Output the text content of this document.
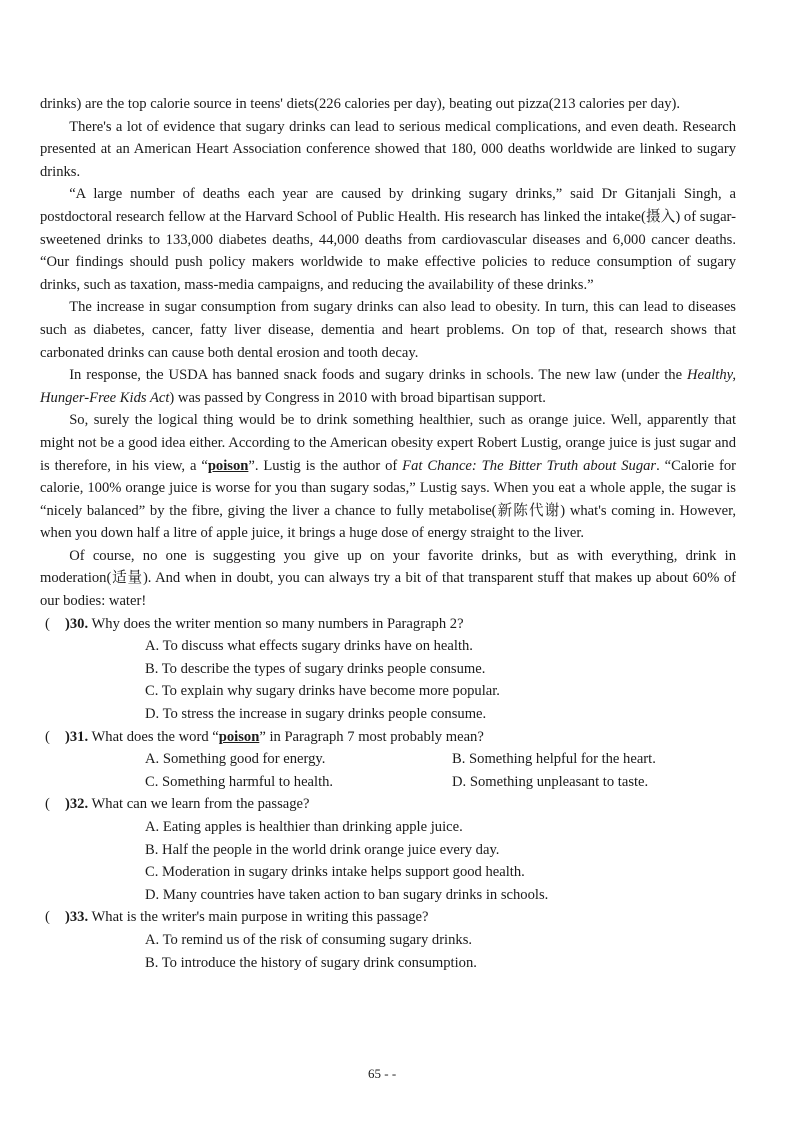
drinks) are the top calorie source in teens' diets(226 calories per day), beating out pizza(213 calories per day).

There's a lot of evidence that sugary drinks can lead to serious medical complications, and even death. Research presented at an American Heart Association conference showed that 180, 000 deaths worldwide are linked to sugary drinks.

“A large number of deaths each year are caused by drinking sugary drinks,” said Dr Gitanjali Singh, a postdoctoral research fellow at the Harvard School of Public Health. His research has linked the intake(摄入) of sugar-sweetened drinks to 133,000 diabetes deaths, 44,000 deaths from cardiovascular diseases and 6,000 cancer deaths. “Our findings should push policy makers worldwide to make effective policies to reduce consumption of sugary drinks, such as taxation, mass-media campaigns, and reducing the availability of these drinks.”

The increase in sugar consumption from sugary drinks can also lead to obesity. In turn, this can lead to diseases such as diabetes, cancer, fatty liver disease, dementia and heart problems. On top of that, research shows that carbonated drinks can cause both dental erosion and tooth decay.

In response, the USDA has banned snack foods and sugary drinks in schools. The new law (under the Healthy, Hunger-Free Kids Act) was passed by Congress in 2010 with broad bipartisan support.

So, surely the logical thing would be to drink something healthier, such as orange juice. Well, apparently that might not be a good idea either. According to the American obesity expert Robert Lustig, orange juice is just sugar and is therefore, in his view, a “poison”. Lustig is the author of Fat Chance: The Bitter Truth about Sugar. “Calorie for calorie, 100% orange juice is worse for you than sugary sodas,” Lustig says. When you eat a whole apple, the sugar is “nicely balanced” by the fibre, giving the liver a chance to fully metabolise(新陈代谢) what's coming in. However, when you down half a litre of apple juice, it brings a huge dose of energy straight to the liver.

Of course, no one is suggesting you give up on your favorite drinks, but as with everything, drink in moderation(适量). And when in doubt, you can always try a bit of that transparent stuff that makes up about 60% of our bodies: water!

( )30. Why does the writer mention so many numbers in Paragraph 2?
A. To discuss what effects sugary drinks have on health.
B. To describe the types of sugary drinks people consume.
C. To explain why sugary drinks have become more popular.
D. To stress the increase in sugary drinks people consume.
( )31. What does the word “poison” in Paragraph 7 most probably mean?
A. Something good for energy.	B. Something helpful for the heart.
C. Something harmful to health.	D. Something unpleasant to taste.
( )32. What can we learn from the passage?
A. Eating apples is healthier than drinking apple juice.
B. Half the people in the world drink orange juice every day.
C. Moderation in sugary drinks intake helps support good health.
D. Many countries have taken action to ban sugary drinks in schools.
( )33. What is the writer's main purpose in writing this passage?
A. To remind us of the risk of consuming sugary drinks.
B. To introduce the history of sugary drink consumption.
65 - -
